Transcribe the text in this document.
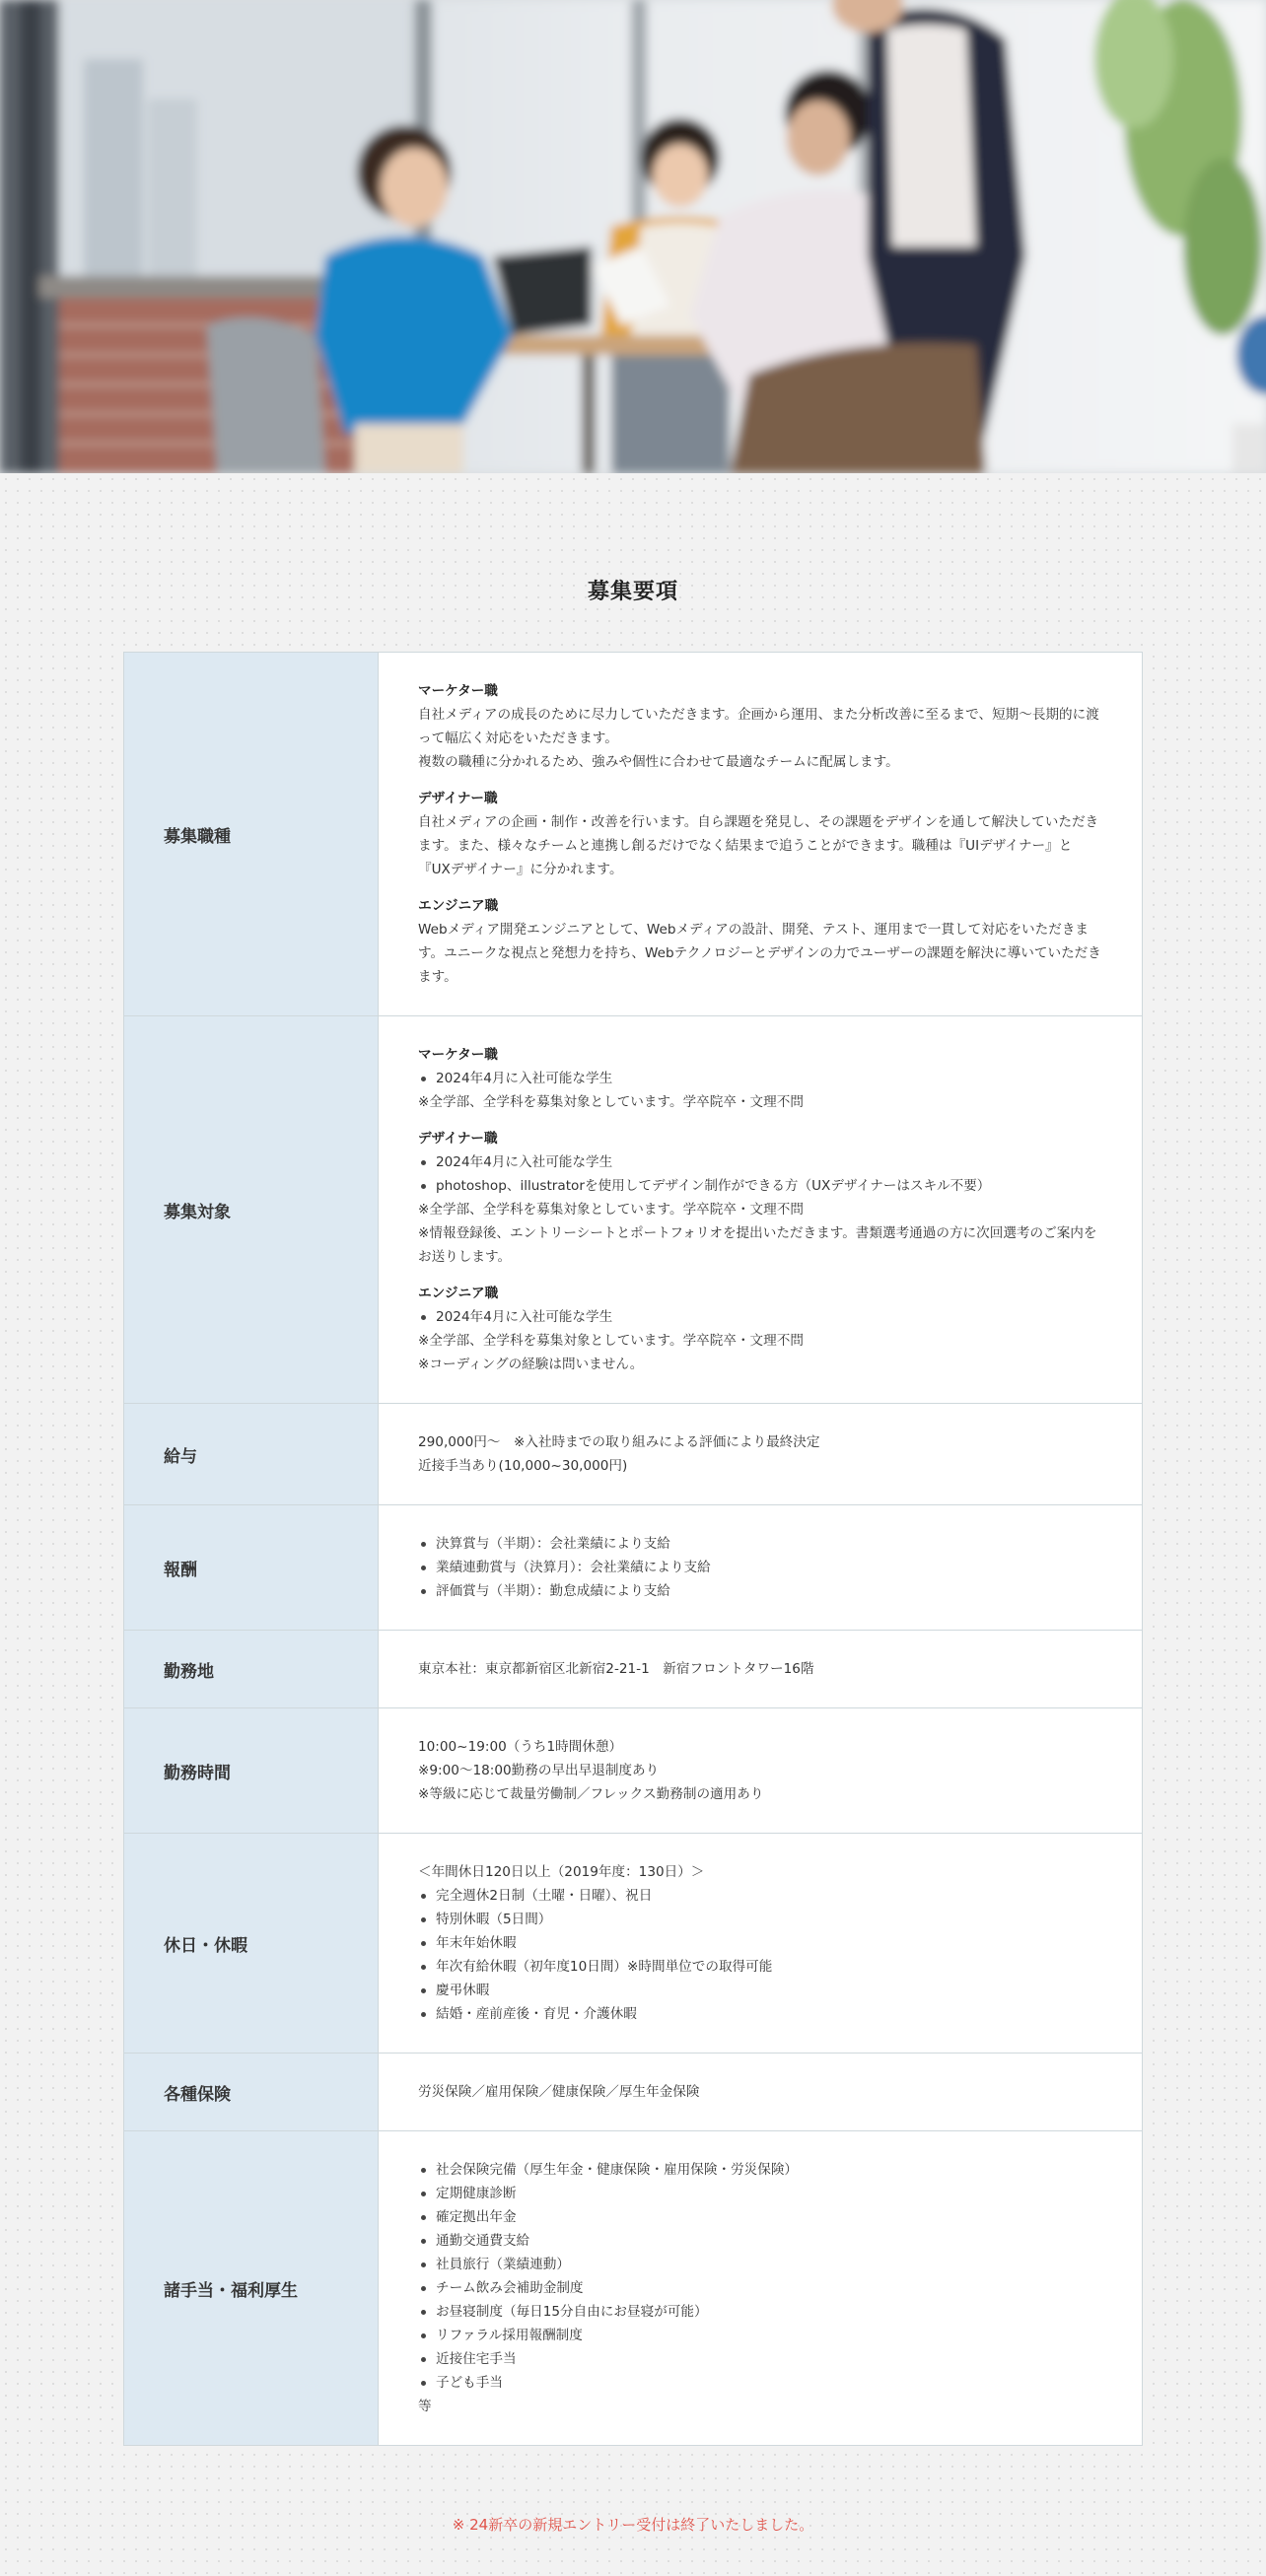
募集要項
募集職種
マーケター職
自社メディアの成長のために尽力していただきます。企画から運用、また分析改善に至るまで、短期〜長期的に渡って幅広く対応をいただきます。
複数の職種に分かれるため、強みや個性に合わせて最適なチームに配属します。
デザイナー職
自社メディアの企画・制作・改善を行います。自ら課題を発見し、その課題をデザインを通して解決していただきます。また、様々なチームと連携し創るだけでなく結果まで追うことができます。職種は『UIデザイナー』と『UXデザイナー』に分かれます。
エンジニア職
Webメディア開発エンジニアとして、Webメディアの設計、開発、テスト、運用まで一貫して対応をいただきます。ユニークな視点と発想力を持ち、Webテクノロジーとデザインの力でユーザーの課題を解決に導いていただきます。
募集対象
マーケター職
2024年4月に入社可能な学生
※全学部、全学科を募集対象としています。学卒院卒・文理不問
デザイナー職
2024年4月に入社可能な学生
photoshop、illustratorを使用してデザイン制作ができる方（UXデザイナーはスキル不要）
※全学部、全学科を募集対象としています。学卒院卒・文理不問
※情報登録後、エントリーシートとポートフォリオを提出いただきます。書類選考通過の方に次回選考のご案内をお送りします。
エンジニア職
2024年4月に入社可能な学生
※全学部、全学科を募集対象としています。学卒院卒・文理不問
※コーディングの経験は問いません。
給与
290,000円～　※入社時までの取り組みによる評価により最終決定
近接手当あり(10,000~30,000円)
報酬
決算賞与（半期）：会社業績により支給
業績連動賞与（決算月）：会社業績により支給
評価賞与（半期）：勤怠成績により支給
勤務地	東京本社：東京都新宿区北新宿2-21-1　新宿フロントタワー16階
勤務時間
10:00~19:00（うち1時間休憩）
※9:00〜18:00勤務の早出早退制度あり
※等級に応じて裁量労働制／フレックス勤務制の適用あり
休日・休暇
＜年間休日120日以上（2019年度：130日）＞
完全週休2日制（土曜・日曜）、祝日
特別休暇（5日間）
年末年始休暇
年次有給休暇（初年度10日間）※時間単位での取得可能
慶弔休暇
結婚・産前産後・育児・介護休暇
各種保険	労災保険／雇用保険／健康保険／厚生年金保険
諸手当・福利厚生
社会保険完備（厚生年金・健康保険・雇用保険・労災保険）
定期健康診断
確定拠出年金
通勤交通費支給
社員旅行（業績連動）
チーム飲み会補助金制度
お昼寝制度（毎日15分自由にお昼寝が可能）
リファラル採用報酬制度
近接住宅手当
子ども手当
等

※ 24新卒の新規エントリー受付は終了いたしました。
